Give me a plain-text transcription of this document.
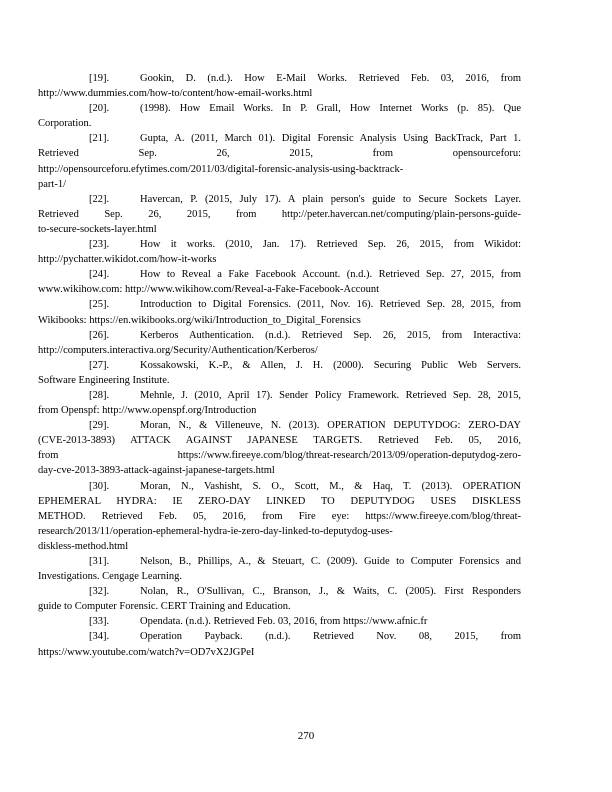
[19].	Gookin, D. (n.d.). How E-Mail Works. Retrieved Feb. 03, 2016, from
http://www.dummies.com/how-to/content/how-email-works.html
[20].	(1998). How Email Works. In P. Grall, How Internet Works (p. 85). Que
Corporation.
[21].	Gupta, A. (2011, March 01). Digital Forensic Analysis Using BackTrack, Part 1.
Retrieved Sep. 26, 2015, from opensourceforu:
http://opensourceforu.efytimes.com/2011/03/digital-forensic-analysis-using-backtrack-
part-1/
[22].	Havercan, P. (2015, July 17). A plain person's guide to Secure Sockets Layer.
Retrieved Sep. 26, 2015, from http://peter.havercan.net/computing/plain-persons-guide-
to-secure-sockets-layer.html
[23].	How it works. (2010, Jan. 17). Retrieved Sep. 26, 2015, from Wikidot:
http://pychatter.wikidot.com/how-it-works
[24].	How to Reveal a Fake Facebook Account. (n.d.). Retrieved Sep. 27, 2015, from
www.wikihow.com: http://www.wikihow.com/Reveal-a-Fake-Facebook-Account
[25].	Introduction to Digital Forensics. (2011, Nov. 16). Retrieved Sep. 28, 2015, from
Wikibooks: https://en.wikibooks.org/wiki/Introduction_to_Digital_Forensics
[26].	Kerberos Authentication. (n.d.). Retrieved Sep. 26, 2015, from Interactiva:
http://computers.interactiva.org/Security/Authentication/Kerberos/
[27].	Kossakowski, K.-P., & Allen, J. H. (2000). Securing Public Web Servers.
Software Engineering Institute.
[28].	Mehnle, J. (2010, April 17). Sender Policy Framework. Retrieved Sep. 28, 2015,
from Openspf: http://www.openspf.org/Introduction
[29].	Moran, N., & Villeneuve, N. (2013). OPERATION DEPUTYDOG: ZERO-DAY
(CVE-2013-3893) ATTACK AGAINST JAPANESE TARGETS. Retrieved Feb. 05, 2016,
from https://www.fireeye.com/blog/threat-research/2013/09/operation-deputydog-zero-
day-cve-2013-3893-attack-against-japanese-targets.html
[30].	Moran, N., Vashisht, S. O., Scott, M., & Haq, T. (2013). OPERATION
EPHEMERAL HYDRA: IE ZERO-DAY LINKED TO DEPUTYDOG USES DISKLESS
METHOD. Retrieved Feb. 05, 2016, from Fire eye: https://www.fireeye.com/blog/threat-
research/2013/11/operation-ephemeral-hydra-ie-zero-day-linked-to-deputydog-uses-
diskless-method.html
[31].	Nelson, B., Phillips, A., & Steuart, C. (2009). Guide to Computer Forensics and
Investigations. Cengage Learning.
[32].	Nolan, R., O'Sullivan, C., Branson, J., & Waits, C. (2005). First Responders
guide to Computer Forensic. CERT Training and Education.
[33].	Opendata. (n.d.). Retrieved Feb. 03, 2016, from https://www.afnic.fr
[34].	Operation Payback. (n.d.). Retrieved Nov. 08, 2015, from
https://www.youtube.com/watch?v=OD7vX2JGPeI
270
